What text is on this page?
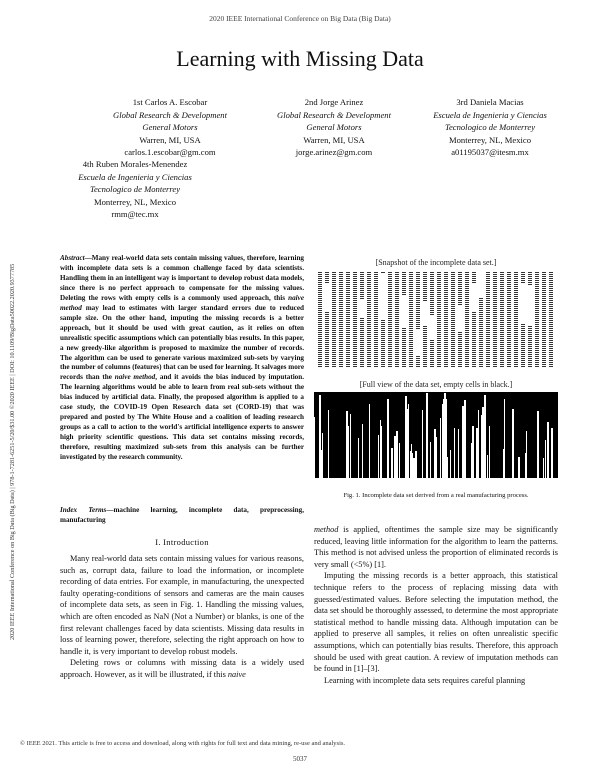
2020 IEEE International Conference on Big Data (Big Data)
Learning with Missing Data
1st Carlos A. Escobar
Global Research & Development
General Motors
Warren, MI, USA
carlos.1.escobar@gm.com
2nd Jorge Arinez
Global Research & Development
General Motors
Warren, MI, USA
jorge.arinez@gm.com
3rd Daniela Macias
Escuela de Ingenieria y Ciencias
Tecnologico de Monterrey
Monterrey, NL, Mexico
a01195037@itesm.mx
4th Ruben Morales-Menendez
Escuela de Ingenieria y Ciencias
Tecnologico de Monterrey
Monterrey, NL, Mexico
rmm@tec.mx
2020 IEEE International Conference on Big Data (Big Data) | 978-1-7281-6251-5/20/$31.00 ©2020 IEEE | DOI: 10.1109/BigData50022.2020.9377785
Abstract—Many real-world data sets contain missing values, therefore, learning with incomplete data sets is a common challenge faced by data scientists. Handling them in an intelligent way is important to develop robust data models, since there is no perfect approach to compensate for the missing values. Deleting the rows with empty cells is a commonly used approach, this naive method may lead to estimates with larger standard errors due to reduced sample size. On the other hand, imputing the missing records is a better approach, but it should be used with great caution, as it relies on often unrealistic specific assumptions which can potentially bias results. In this paper, a new greedy-like algorithm is proposed to maximize the number of records. The algorithm can be used to generate various maximized sub-sets by varying the number of columns (features) that can be used for learning. It salvages more records than the naive method, and it avoids the bias induced by imputation. The learning algorithms would be able to learn from real sub-sets without the bias induced by artificial data. Finally, the proposed algorithm is applied to a case study, the COVID-19 Open Research data set (CORD-19) that was prepared and posted by The White House and a coalition of leading research groups as a call to action to the world's artificial intelligence experts to answer high priority scientific questions. This data set contains missing records, therefore, resulting maximized sub-sets from this analysis can be further investigated by the research community.
Index Terms—machine learning, incomplete data, preprocessing, manufacturing
I. Introduction

Many real-world data sets contain missing values for various reasons, such as, corrupt data, failure to load the information, or incomplete recording of data entries. For example, in manufacturing, the unexpected faulty operating-conditions of sensors and cameras are the main causes of incomplete data sets, as seen in Fig. 1. Handling the missing values, which are often encoded as NaN (Not a Number) or blanks, is one of the first relevant challenges faced by data scientists. Missing data results in loss of learning power, therefore, selecting the right approach on how to handle it, is very important to develop robust models.

Deleting rows or columns with missing data is a widely used approach. However, as it will be illustrated, if this naive

[Snapshot of the incomplete data set.]
[Full view of the data set, empty cells in black.]
Fig. 1. Incomplete data set derived from a real manufacturing process.

method is applied, oftentimes the sample size may be significantly reduced, leaving little information for the algorithm to learn the patterns. This method is not advised unless the proportion of eliminated records is very small (<5%) [1].

Imputing the missing records is a better approach, this statistical technique refers to the process of replacing missing data with guessed/estimated values. Before selecting the imputation method, the data set should be thoroughly assessed, to determine the most appropriate statistical method to handle missing data. Although imputation can be applied to preserve all samples, it relies on often unrealistic specific assumptions, which can potentially bias results. Therefore, this approach should be used with great caution. A review of imputation methods can be found in [1]–[3].

Learning with incomplete data sets requires careful planning

© IEEE 2021. This article is free to access and download, along with rights for full text and data mining, re-use and analysis.
5037
